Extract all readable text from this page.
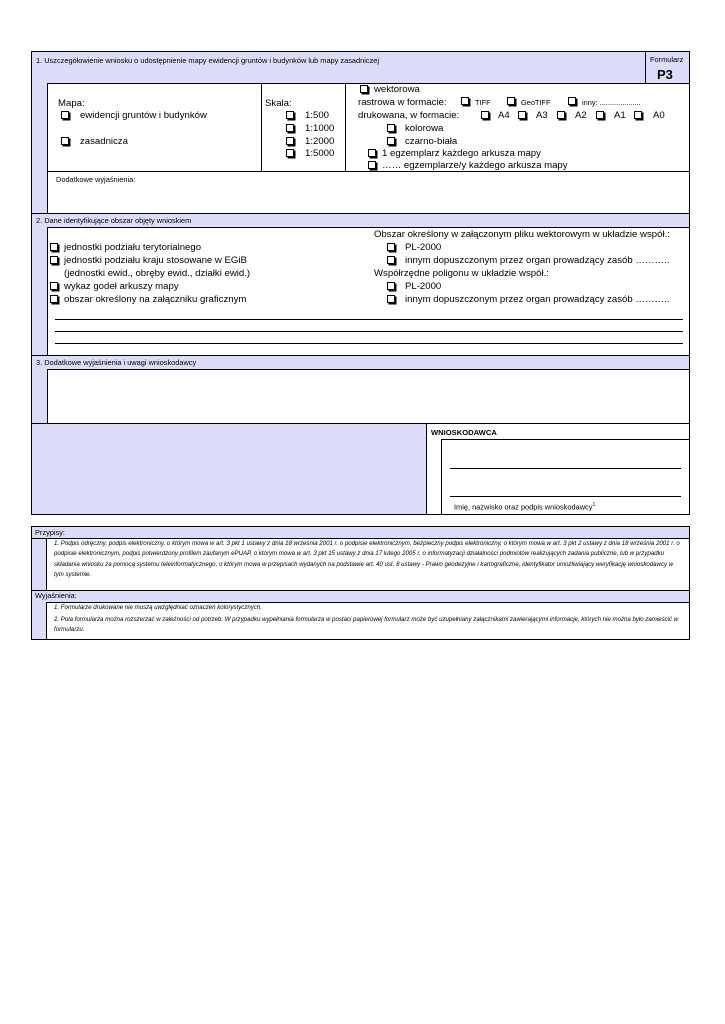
1. Uszczegółowienie wniosku o udostępnienie mapy ewidencji gruntów i budynków lub mapy zasadniczej	Formularz
P3
Mapa:
ewidencji gruntów i budynków
zasadnicza
Skala:
1:500
1:1000
1:2000
1:5000
wektorowa
rastrowa w formacie:	TIFF	GeoTIFF	inny: ....................
drukowana, w formacie:	A4	A3	A2	A1	A0
kolorowa
czarno-biała
1 egzemplarz każdego arkusza mapy
…… egzemplarze/y każdego arkusza mapy
Dodatkowe wyjaśnienia:
2. Dane identyfikujące obszar objęty wnioskiem
jednostki podziału terytorialnego
jednostki podziału kraju stosowane w EGiB
(jednostki ewid., obręby ewid., działki ewid.)
wykaz godeł arkuszy mapy
obszar określony na załączniku graficznym
Obszar określony w załączonym pliku wektorowym w układzie współ.:
PL-2000
innym dopuszczonym przez organ prowadzący zasób ………..
Współrzędne poligonu w układzie współ.:
PL-2000
innym dopuszczonym przez organ prowadzący zasób ………..
3. Dodatkowe wyjaśnienia i uwagi wnioskodawcy
WNIOSKODAWCA
Imię, nazwisko oraz podpis wnioskodawcy$^1$
Przypisy:
1. Podpis odręczny, podpis elektroniczny, o którym mowa w art. 3 pkt 1 ustawy z dnia 18 września 2001 r. o podpisie elektronicznym, bezpieczny podpis elektroniczny, o którym mowa w art. 3 pkt 2 ustawy z dnia 18 września 2001 r. o podpisie elektronicznym, podpis potwierdzony profilem zaufanym ePUAP, o którym mowa w art. 3 pkt 15 ustawy z dnia 17 lutego 2005 r. o informatyzacji działalności podmiotów realizujących zadania publiczne, lub w przypadku składania wniosku za pomocą systemu teleinformatycznego, o którym mowa w przepisach wydanych na podstawie art. 40 ust. 8 ustawy - Prawo geodezyjne i kartograficzne, identyfikator umożliwiający weryfikację wnioskodawcy w tym systemie.
Wyjaśnienia:
1. Formularze drukowane nie muszą uwzględniać oznaczeń kolorystycznych.
2. Pola formularza można rozszerzać w zależności od potrzeb. W przypadku wypełniania formularza w postaci papierowej formularz może być uzupełniany załącznikami zawierającymi informacje, których nie można było zamieścić w formularzu.
